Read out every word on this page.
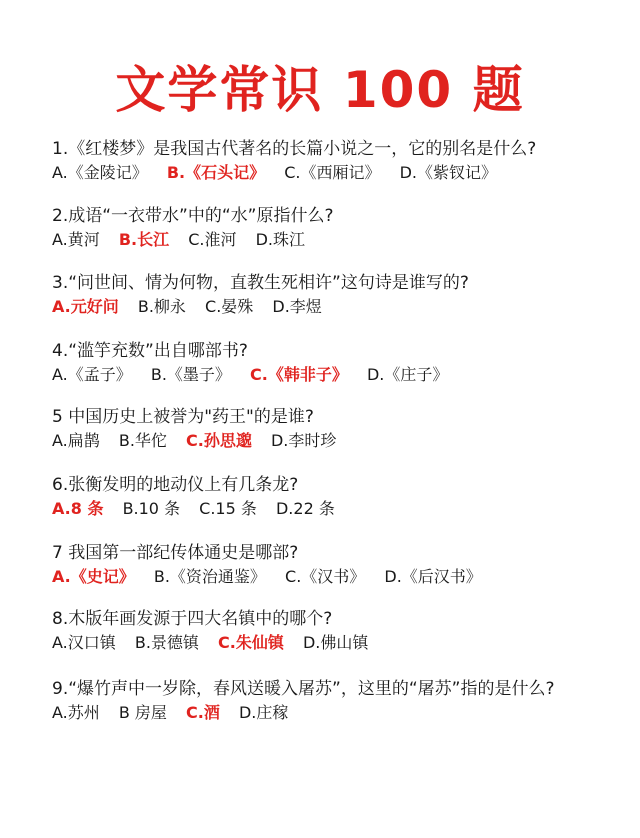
文学常识 100 题
1.《红楼梦》是我国古代著名的长篇小说之一，它的别名是什么?
A.《金陵记》 B.《石头记》 C.《西厢记》 D.《紫钗记》
2.成语“一衣带水”中的“水”原指什么?
A.黄河 B.长江 C.淮河 D.珠江
3.“问世间、情为何物，直教生死相许”这句诗是谁写的?
A.元好问 B.柳永 C.晏殊 D.李煜
4.“滥竽充数”出自哪部书?
A.《孟子》 B.《墨子》 C.《韩非子》 D.《庄子》
5 中国历史上被誉为"药王"的是谁?
A.扁鹊 B.华佗 C.孙思邈 D.李时珍
6.张衡发明的地动仪上有几条龙?
A.8 条 B.10 条 C.15 条 D.22 条
7 我国第一部纪传体通史是哪部?
A.《史记》 B.《资治通鉴》 C.《汉书》 D.《后汉书》
8.木版年画发源于四大名镇中的哪个?
A.汉口镇 B.景德镇 C.朱仙镇 D.佛山镇
9.“爆竹声中一岁除，春风送暖入屠苏”，这里的“屠苏”指的是什么?
A.苏州 B 房屋 C.酒 D.庄稼
